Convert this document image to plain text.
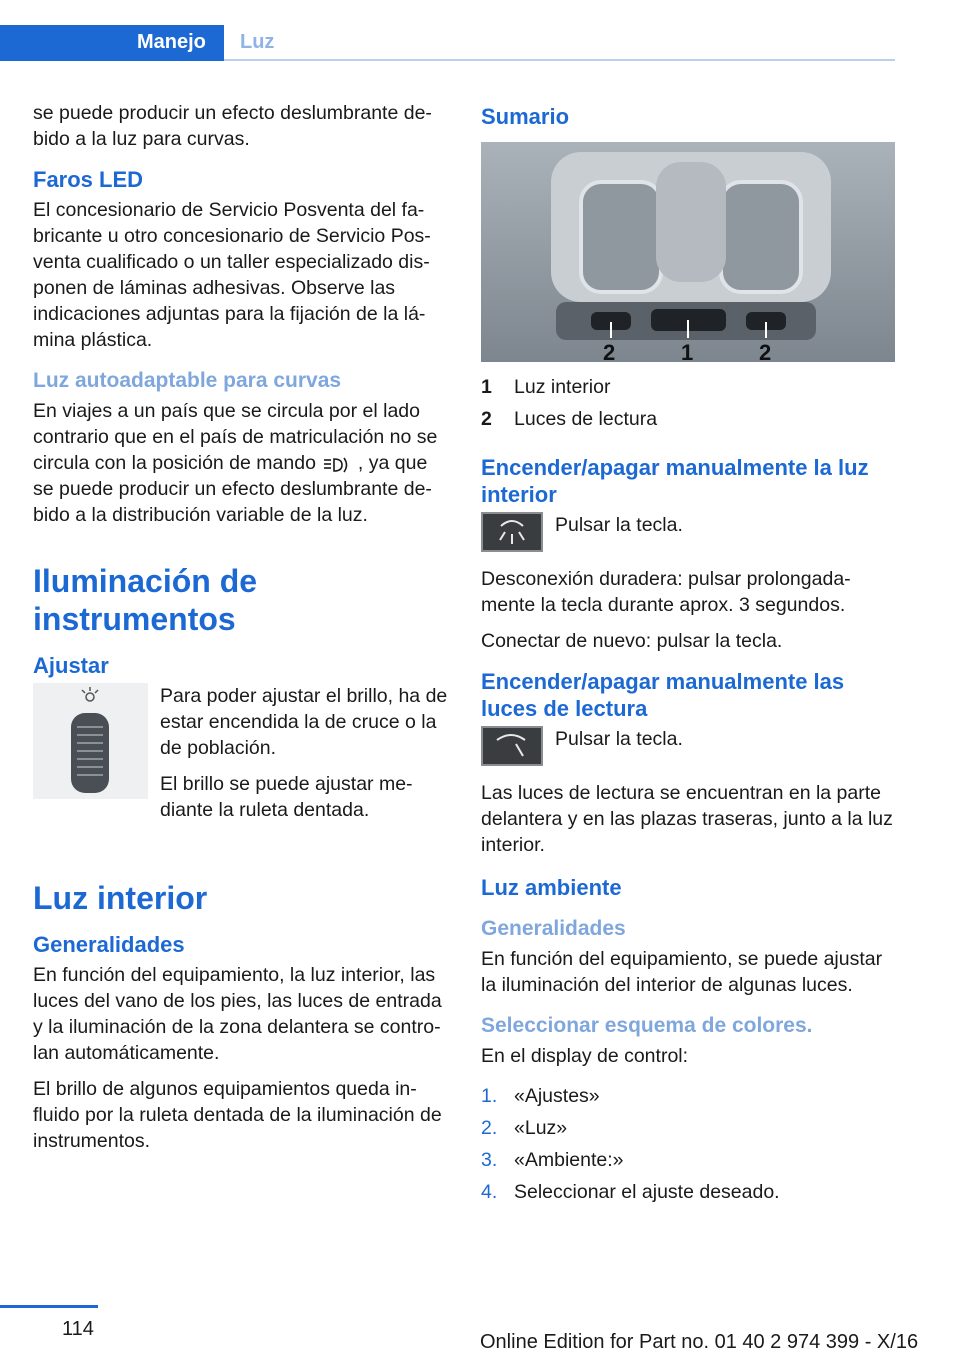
Manejo Luz

se puede producir un efecto deslumbrante de-bido a la luz para curvas.

Faros LED

El concesionario de Servicio Posventa del fa-bricante u otro concesionario de Servicio Pos-venta cualificado o un taller especializado dis-ponen de láminas adhesivas. Observe las indicaciones adjuntas para la fijación de la lá-mina plástica.

Luz autoadaptable para curvas

En viajes a un país que se circula por el lado contrario que en el país de matriculación no se circula con la posición de mando , ya que se puede producir un efecto deslumbrante de-bido a la distribución variable de la luz.

Iluminación de instrumentos
Ajustar

Para poder ajustar el brillo, ha de estar encendida la de cruce o la de población.

El brillo se puede ajustar me-diante la ruleta dentada.

Luz interior
Generalidades

En función del equipamiento, la luz interior, las luces del vano de los pies, las luces de entrada y la iluminación de la zona delantera se contro-lan automáticamente.

El brillo de algunos equipamientos queda in-fluido por la ruleta dentada de la iluminación de instrumentos.

Sumario
2	1	2
1	Luz interior
2	Luces de lectura
Encender/apagar manualmente la luz interior

Pulsar la tecla.

Desconexión duradera: pulsar prolongada-mente la tecla durante aprox. 3 segundos.

Conectar de nuevo: pulsar la tecla.

Encender/apagar manualmente las luces de lectura

Pulsar la tecla.

Las luces de lectura se encuentran en la parte delantera y en las plazas traseras, junto a la luz interior.

Luz ambiente
Generalidades

En función del equipamiento, se puede ajustar la iluminación del interior de algunas luces.

Seleccionar esquema de colores.

En el display de control:

1. «Ajustes»
2. «Luz»
3. «Ambiente:»
4. Seleccionar el ajuste deseado.
114
Online Edition for Part no. 01 40 2 974 399 - X/16
